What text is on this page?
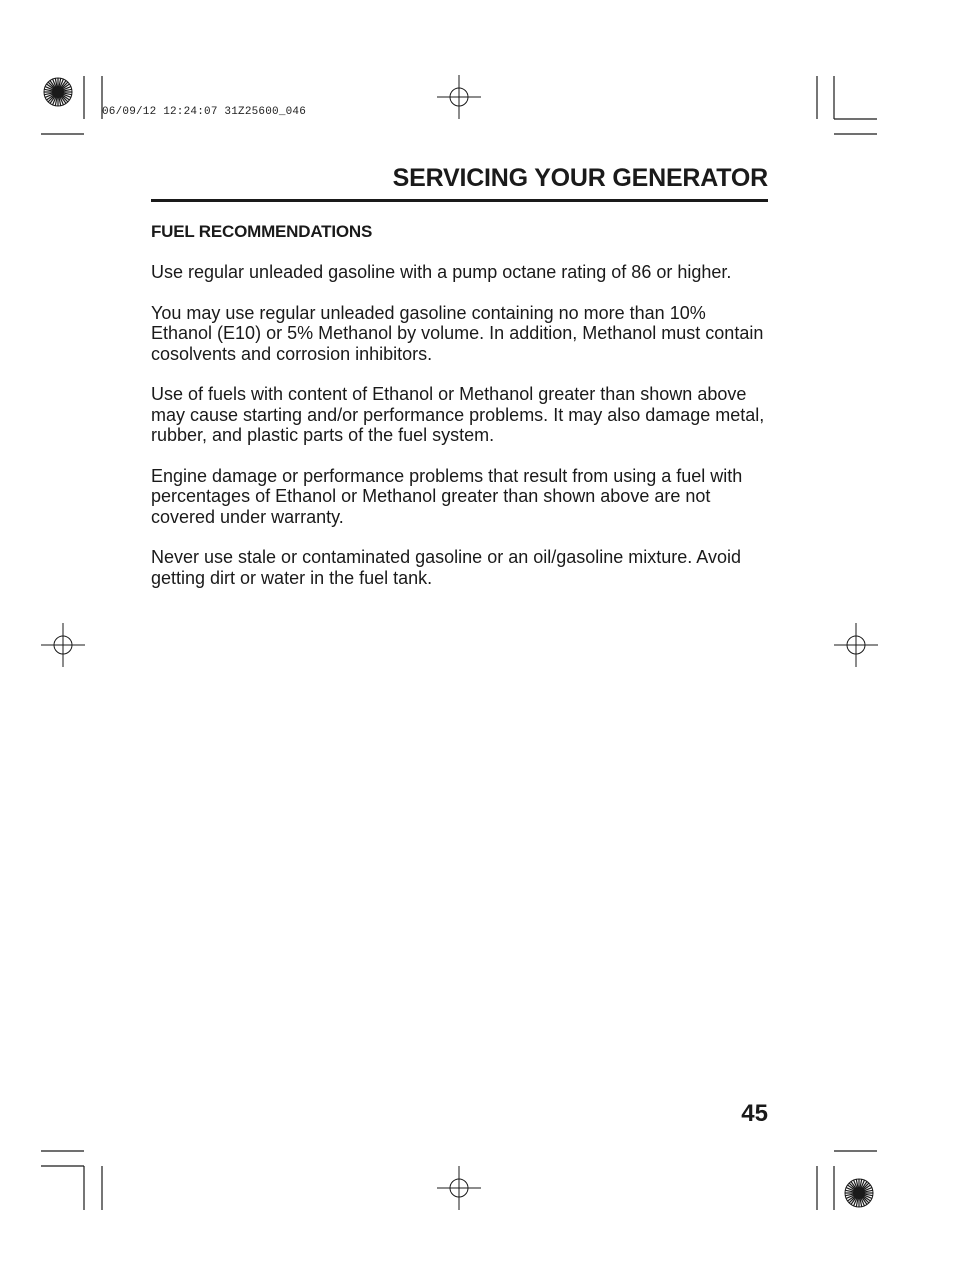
06/09/12 12:24:07 31Z25600_046
SERVICING YOUR GENERATOR
FUEL RECOMMENDATIONS

Use regular unleaded gasoline with a pump octane rating of 86 or higher.

You may use regular unleaded gasoline containing no more than 10% Ethanol (E10) or 5% Methanol by volume. In addition, Methanol must contain cosolvents and corrosion inhibitors.

Use of fuels with content of Ethanol or Methanol greater than shown above may cause starting and/or performance problems. It may also damage metal, rubber, and plastic parts of the fuel system.

Engine damage or performance problems that result from using a fuel with percentages of Ethanol or Methanol greater than shown above are not covered under warranty.

Never use stale or contaminated gasoline or an oil/gasoline mixture. Avoid getting dirt or water in the fuel tank.

45
